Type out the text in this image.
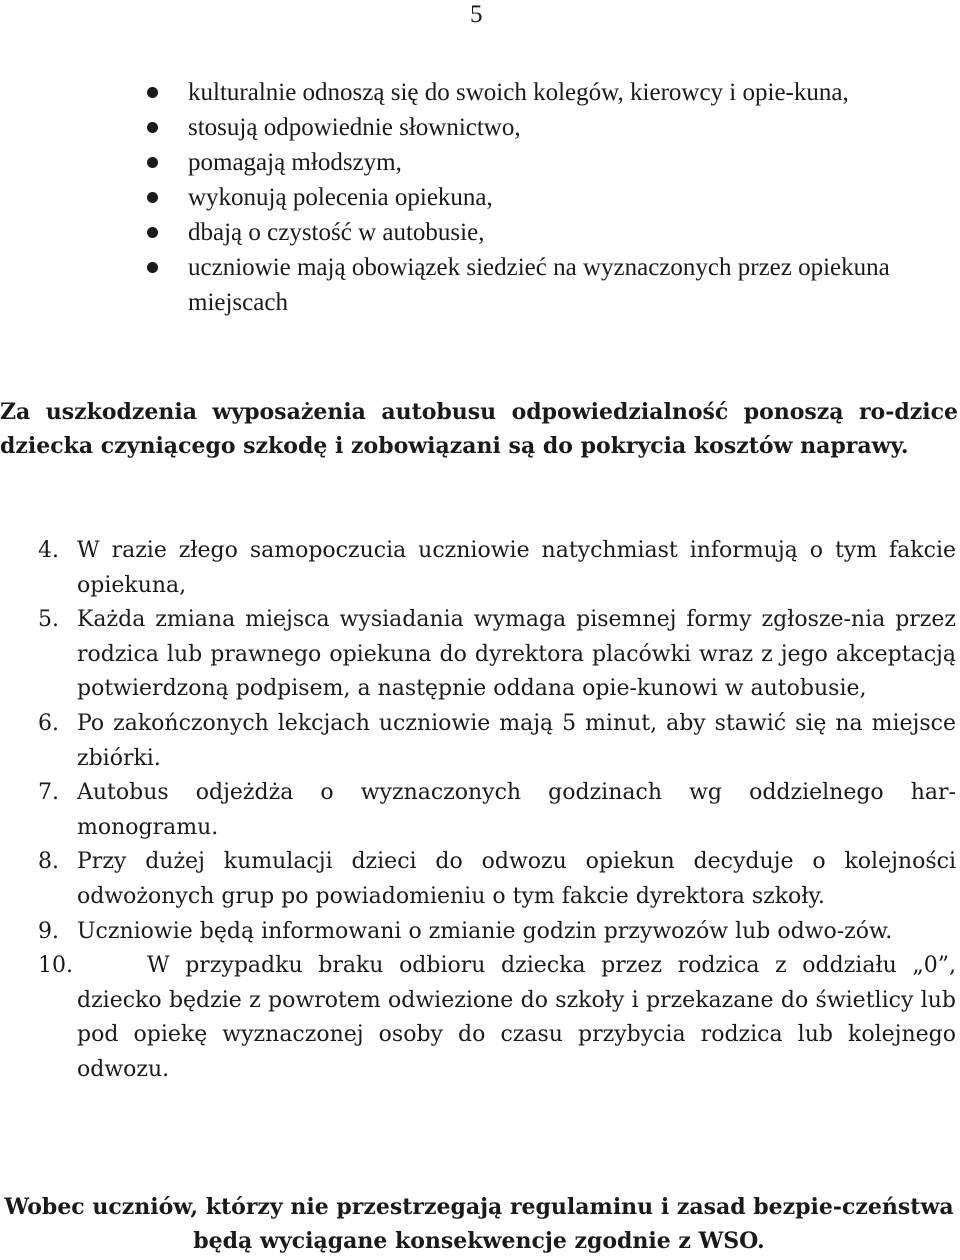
5
kulturalnie odnoszą się do swoich kolegów, kierowcy i opie-kuna,
stosują odpowiednie słownictwo,
pomagają młodszym,
wykonują polecenia opiekuna,
dbają o czystość w autobusie,
uczniowie mają obowiązek siedzieć na wyznaczonych przez opiekuna miejscach

Za uszkodzenia wyposażenia autobusu odpowiedzialność ponoszą ro-dzice dziecka czyniącego szkodę i zobowiązani są do pokrycia kosztów naprawy.

4. W razie złego samopoczucia uczniowie natychmiast informują o tym fakcie opiekuna,
5. Każda zmiana miejsca wysiadania wymaga pisemnej formy zgłosze-nia przez rodzica lub prawnego opiekuna do dyrektora placówki wraz z jego akceptacją potwierdzoną podpisem, a następnie oddana opie-kunowi w autobusie,
6. Po zakończonych lekcjach uczniowie mają 5 minut, aby stawić się na miejsce zbiórki.
7. Autobus odjeżdża o wyznaczonych godzinach wg oddzielnego har-monogramu.
8. Przy dużej kumulacji dzieci do odwozu opiekun decyduje o kolejności odwożonych grup po powiadomieniu o tym fakcie dyrektora szkoły.
9. Uczniowie będą informowani o zmianie godzin przywozów lub odwo-zów.
10.	W przypadku braku odbioru dziecka przez rodzica z oddziału „0”, dziecko będzie z powrotem odwiezione do szkoły i przekazane do świetlicy lub pod opiekę wyznaczonej osoby do czasu przybycia rodzica lub kolejnego odwozu.

Wobec uczniów, którzy nie przestrzegają regulaminu i zasad bezpie-czeństwa będą wyciągane konsekwencje zgodnie z WSO.
